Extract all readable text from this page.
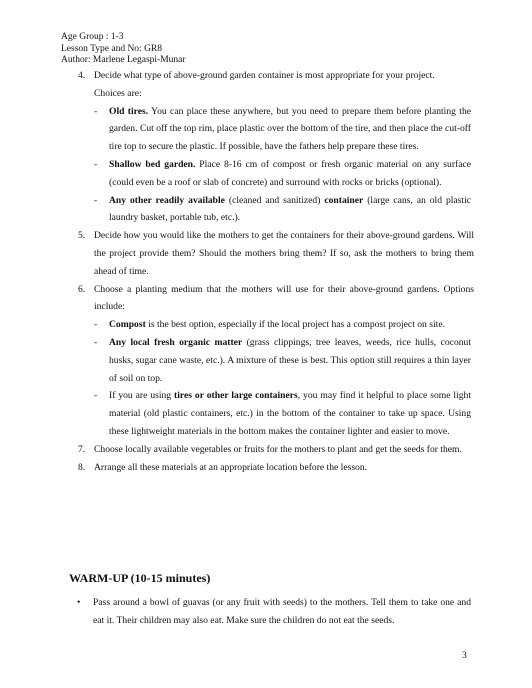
Age Group : 1-3
Lesson Type and No: GR8
Author: Marlene Legaspi-Munar
4. Decide what type of above-ground garden container is most appropriate for your project.
Choices are:
- Old tires. You can place these anywhere, but you need to prepare them before planting the garden. Cut off the top rim, place plastic over the bottom of the tire, and then place the cut-off tire top to secure the plastic. If possible, have the fathers help prepare these tires.
- Shallow bed garden. Place 8-16 cm of compost or fresh organic material on any surface (could even be a roof or slab of concrete) and surround with rocks or bricks (optional).
- Any other readily available (cleaned and sanitized) container (large cans, an old plastic laundry basket, portable tub, etc.).
5. Decide how you would like the mothers to get the containers for their above-ground gardens. Will the project provide them? Should the mothers bring them? If so, ask the mothers to bring them ahead of time.
6. Choose a planting medium that the mothers will use for their above-ground gardens. Options include:
- Compost is the best option, especially if the local project has a compost project on site.
- Any local fresh organic matter (grass clippings, tree leaves, weeds, rice hulls, coconut husks, sugar cane waste, etc.). A mixture of these is best. This option still requires a thin layer of soil on top.
- If you are using tires or other large containers, you may find it helpful to place some light material (old plastic containers, etc.) in the bottom of the container to take up space. Using these lightweight materials in the bottom makes the container lighter and easier to move.
7. Choose locally available vegetables or fruits for the mothers to plant and get the seeds for them.
8. Arrange all these materials at an appropriate location before the lesson.
WARM-UP (10-15 minutes)
• Pass around a bowl of guavas (or any fruit with seeds) to the mothers. Tell them to take one and eat it. Their children may also eat. Make sure the children do not eat the seeds.
3
